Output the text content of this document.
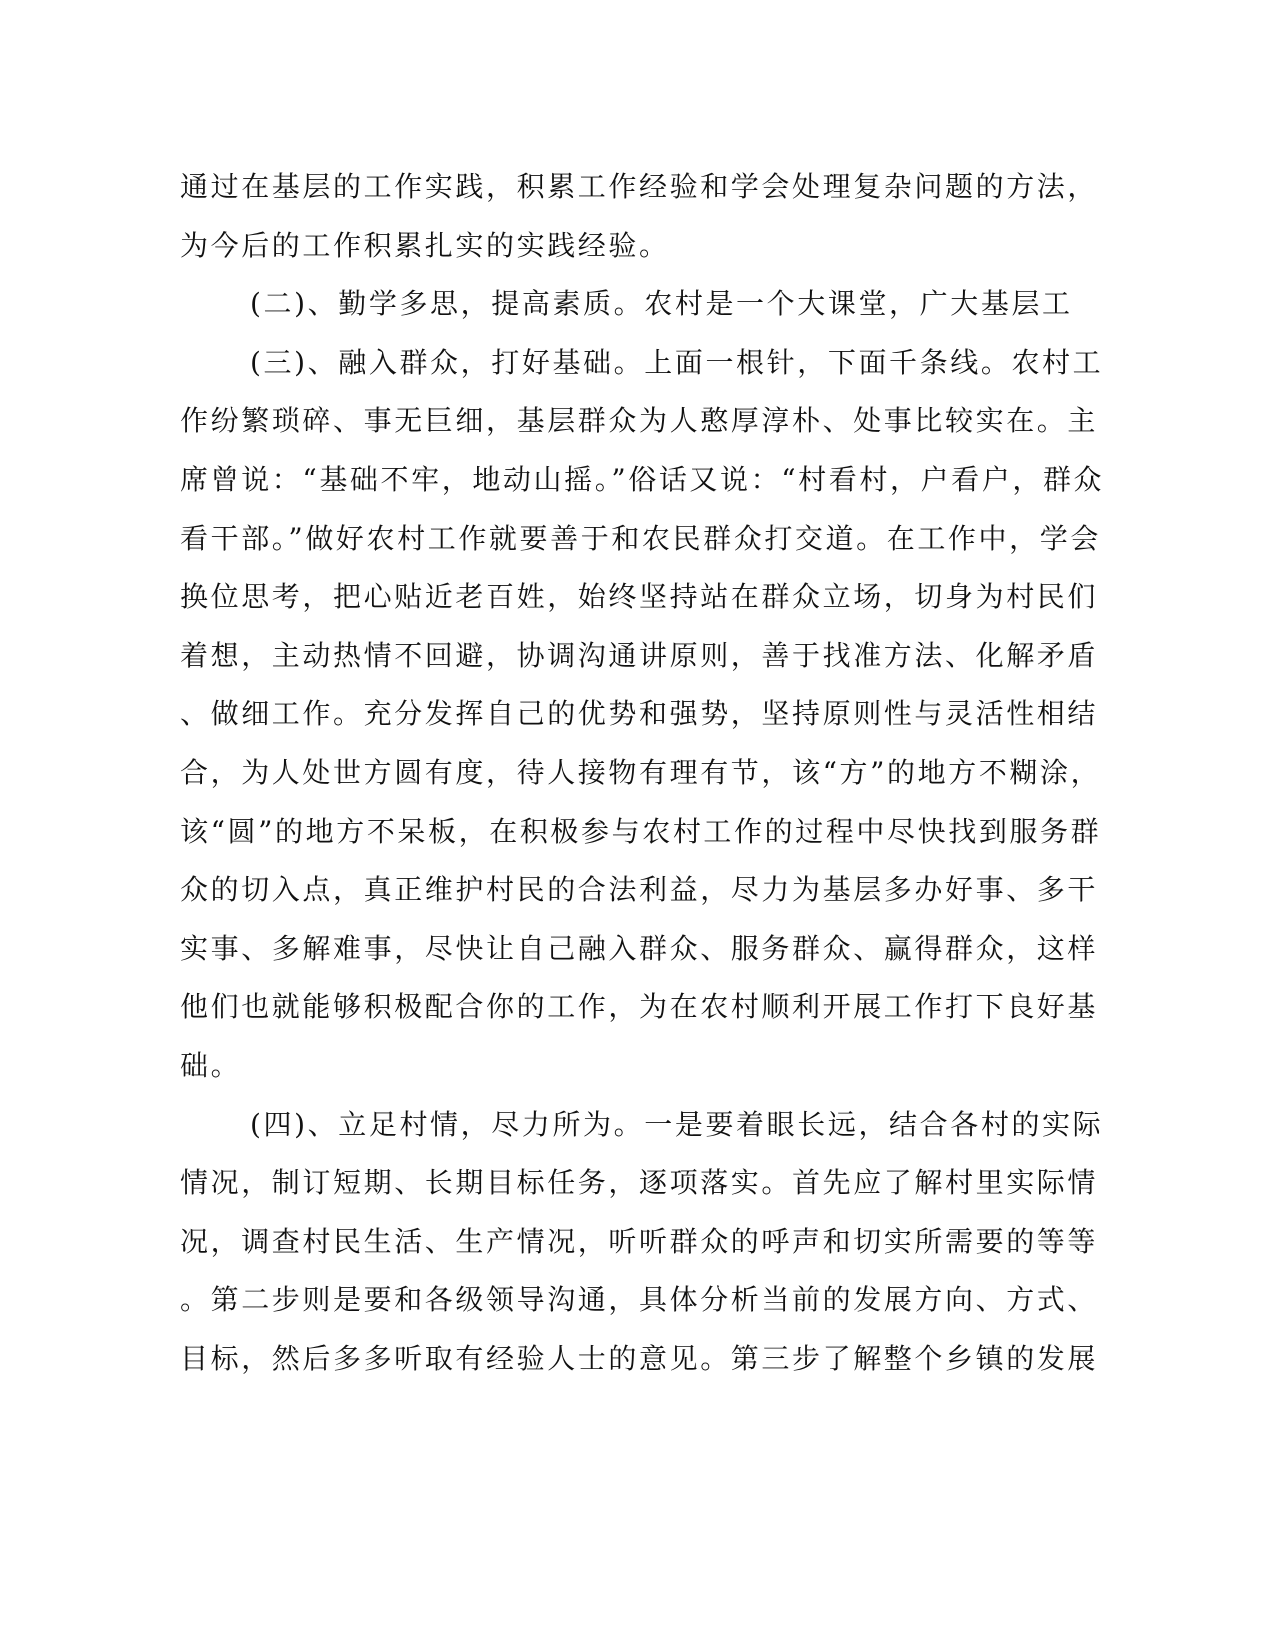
通过在基层的工作实践，积累工作经验和学会处理复杂问题的方法，
为今后的工作积累扎实的实践经验。
(二)、勤学多思，提高素质。农村是一个大课堂，广大基层工
(三)、融入群众，打好基础。上面一根针，下面千条线。农村工
作纷繁琐碎、事无巨细，基层群众为人憨厚淳朴、处事比较实在。主
席曾说：“基础不牢，地动山摇。”俗话又说：“村看村，户看户，群众
看干部。”做好农村工作就要善于和农民群众打交道。在工作中，学会
换位思考，把心贴近老百姓，始终坚持站在群众立场，切身为村民们
着想，主动热情不回避，协调沟通讲原则，善于找准方法、化解矛盾
、做细工作。充分发挥自己的优势和强势，坚持原则性与灵活性相结
合，为人处世方圆有度，待人接物有理有节，该“方”的地方不糊涂，
该“圆”的地方不呆板，在积极参与农村工作的过程中尽快找到服务群
众的切入点，真正维护村民的合法利益，尽力为基层多办好事、多干
实事、多解难事，尽快让自己融入群众、服务群众、赢得群众，这样
他们也就能够积极配合你的工作，为在农村顺利开展工作打下良好基
础。
(四)、立足村情，尽力所为。一是要着眼长远，结合各村的实际
情况，制订短期、长期目标任务，逐项落实。首先应了解村里实际情
况，调查村民生活、生产情况，听听群众的呼声和切实所需要的等等
。第二步则是要和各级领导沟通，具体分析当前的发展方向、方式、
目标，然后多多听取有经验人士的意见。第三步了解整个乡镇的发展
